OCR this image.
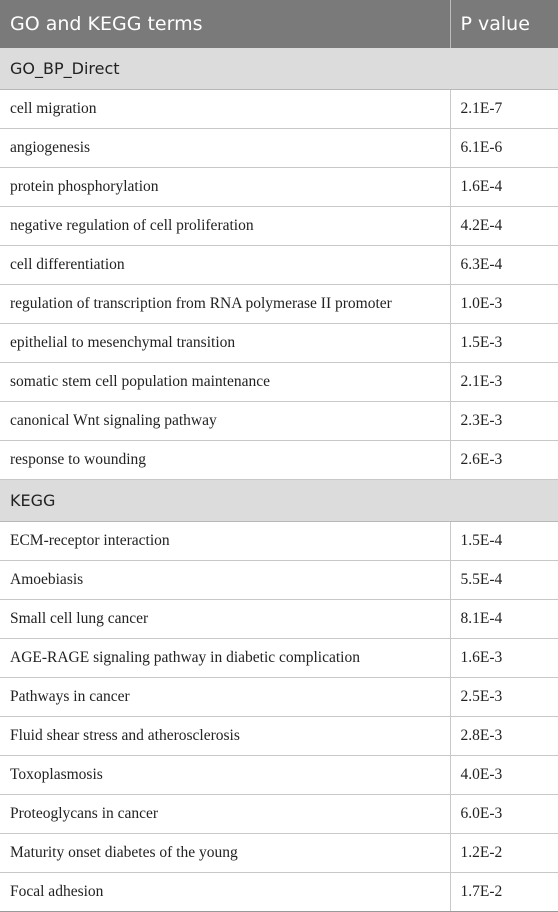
GO and KEGG terms	P value
GO_BP_Direct	
cell migration	2.1E-7
angiogenesis	6.1E-6
protein phosphorylation	1.6E-4
negative regulation of cell proliferation	4.2E-4
cell differentiation	6.3E-4
regulation of transcription from RNA polymerase II promoter	1.0E-3
epithelial to mesenchymal transition	1.5E-3
somatic stem cell population maintenance	2.1E-3
canonical Wnt signaling pathway	2.3E-3
response to wounding	2.6E-3
KEGG	
ECM-receptor interaction	1.5E-4
Amoebiasis	5.5E-4
Small cell lung cancer	8.1E-4
AGE-RAGE signaling pathway in diabetic complication	1.6E-3
Pathways in cancer	2.5E-3
Fluid shear stress and atherosclerosis	2.8E-3
Toxoplasmosis	4.0E-3
Proteoglycans in cancer	6.0E-3
Maturity onset diabetes of the young	1.2E-2
Focal adhesion	1.7E-2
